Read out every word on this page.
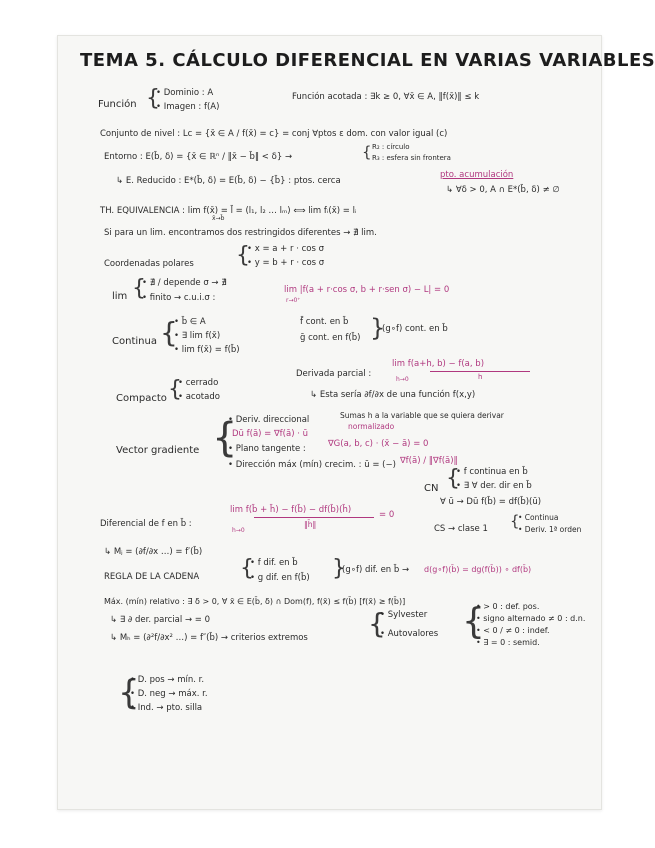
TEMA 5. CÁLCULO DIFERENCIAL EN VARIAS VARIABLES
Función {
• Dominio : A
• Imagen : f(A)
Función acotada : ∃k ≥ 0, ∀x̄ ∈ A, ‖f(x̄)‖ ≤ k
Conjunto de nivel : Lc = {x̄ ∈ A / f(x̄) = c} = conj ∀ptos ε dom. con valor igual (c)
Entorno : E(b̄, δ) = {x̄ ∈ ℝⁿ / ‖x̄ − b̄‖ < δ} →	{ R₂ : círculo
R₃ : esfera sin frontera
↳ E. Reducido : E*(b̄, δ) = E(b̄, δ) − {b̄} : ptos. cerca
pto. acumulación
↳ ∀δ > 0, A ∩ E*(b̄, δ) ≠ ∅
TH. EQUIVALENCIA : lim f(x̄) = l̄ = (l₁, l₂ … lₘ) ⟺ lim fᵢ(x̄) = lᵢ
x̄→b̄
Si para un lim. encontramos dos restringidos diferentes → ∄ lim.
Coordenadas polares {
• x = a + r · cos σ
• y = b + r · cos σ
lim {
• ∄ / depende σ → ∄
• finito → c.u.i.σ :
lim |f(a + r·cos σ, b + r·sen σ) − L| = 0
r→0⁺
Continua {
• b̄ ∈ A
• ∃ lim f(x̄)
• lim f(x̄) = f(b̄)
f̄ cont. en b̄
ḡ cont. en f(b̄) }
(g∘f) cont. en b̄
Compacto {
• cerrado
• acotado
Derivada parcial :
lim f(a+h, b) − f(a, b)
h
h→0
↳ Esta sería ∂f/∂x de una función f(x,y)
Vector gradiente {
• Deriv. direccional	Sumas h a la variable que se quiera derivar
Dū f(ā) = ∇f(ā) · ū
normalizado
• Plano tangente :	∇G(a, b, c) · (x̄ − ā) = 0
• Dirección máx (mín) crecim. : ū = (−) ∇f(ā) / ‖∇f(ā)‖
CN {
• f continua en b̄
• ∃ ∀ der. dir en b̄
∀ ū → Dū f(b̄) = df(b̄)(ū)
Diferencial de f en b̄ :
lim f(b̄ + h̄) − f(b̄) − df(b̄)(h̄)
‖h̄‖
= 0
h→0	CS → clase 1 {
• Continua
• Deriv. 1ª orden
↳ Mⱼ = (∂f/∂x …) = f′(b̄)
REGLA DE LA CADENA {
• f dif. en b̄
• g dif. en f(b̄) }
(g∘f) dif. en b̄ → d(g∘f)(b̄) = dg(f(b̄)) ∘ df(b̄)
Máx. (mín) relativo : ∃ δ > 0, ∀ x̄ ∈ E(b̄, δ) ∩ Dom(f), f(x̄) ≤ f(b̄) [f(x̄) ≥ f(b̄)]
↳ ∃ ∂ der. parcial → = 0
↳ Mₕ = (∂²f/∂x² …) = f″(b̄) → criterios extremos {
• Sylvester
• Autovalores {
• > 0 : def. pos.
• signo alternado ≠ 0 : d.n.
• < 0 / ≠ 0 : indef.
• ∃ = 0 : semid.
{
• D. pos → mín. r.
• D. neg → máx. r.
• Ind. → pto. silla
